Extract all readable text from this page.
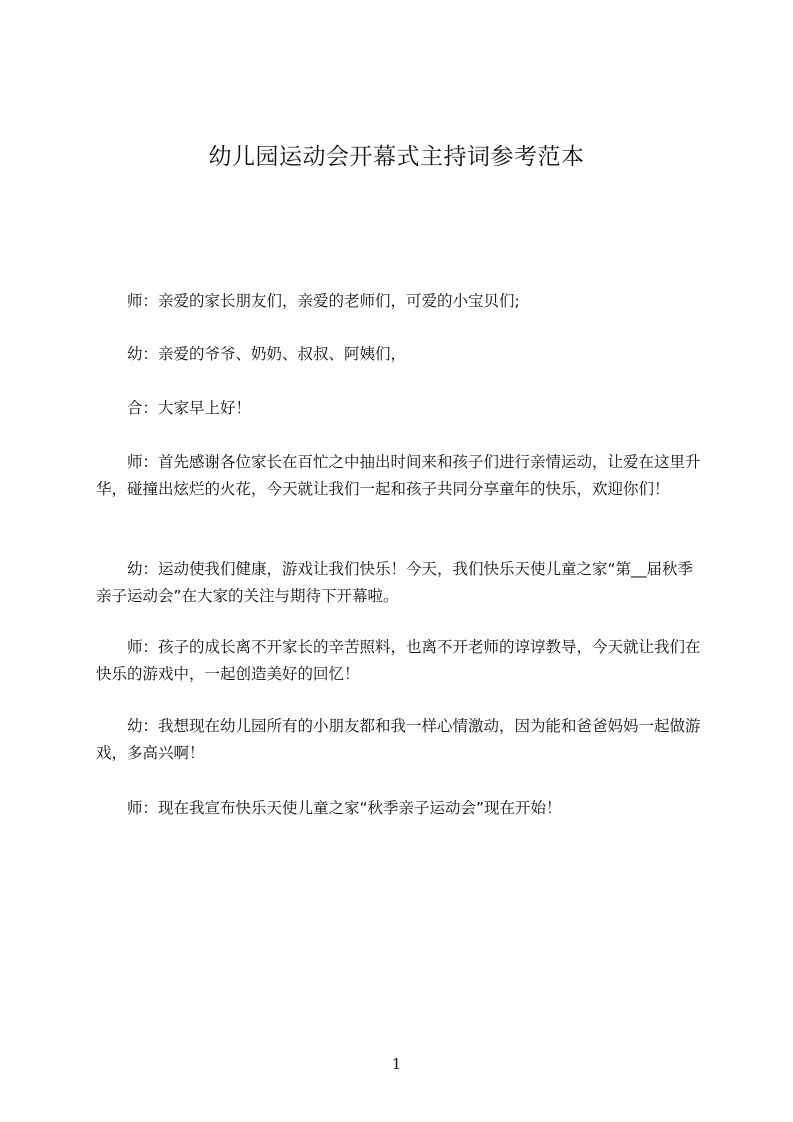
幼儿园运动会开幕式主持词参考范本

师：亲爱的家长朋友们，亲爱的老师们，可爱的小宝贝们;

幼：亲爱的爷爷、奶奶、叔叔、阿姨们，

合：大家早上好！

师：首先感谢各位家长在百忙之中抽出时间来和孩子们进行亲情运动，让爱在这里升华，碰撞出炫烂的火花，今天就让我们一起和孩子共同分享童年的快乐，欢迎你们！

幼：运动使我们健康，游戏让我们快乐！今天，我们快乐天使儿童之家“第__届秋季亲子运动会”在大家的关注与期待下开幕啦。

师：孩子的成长离不开家长的辛苦照料，也离不开老师的谆谆教导，今天就让我们在快乐的游戏中，一起创造美好的回忆！

幼：我想现在幼儿园所有的小朋友都和我一样心情激动，因为能和爸爸妈妈一起做游戏，多高兴啊！

师：现在我宣布快乐天使儿童之家“秋季亲子运动会”现在开始！

1
